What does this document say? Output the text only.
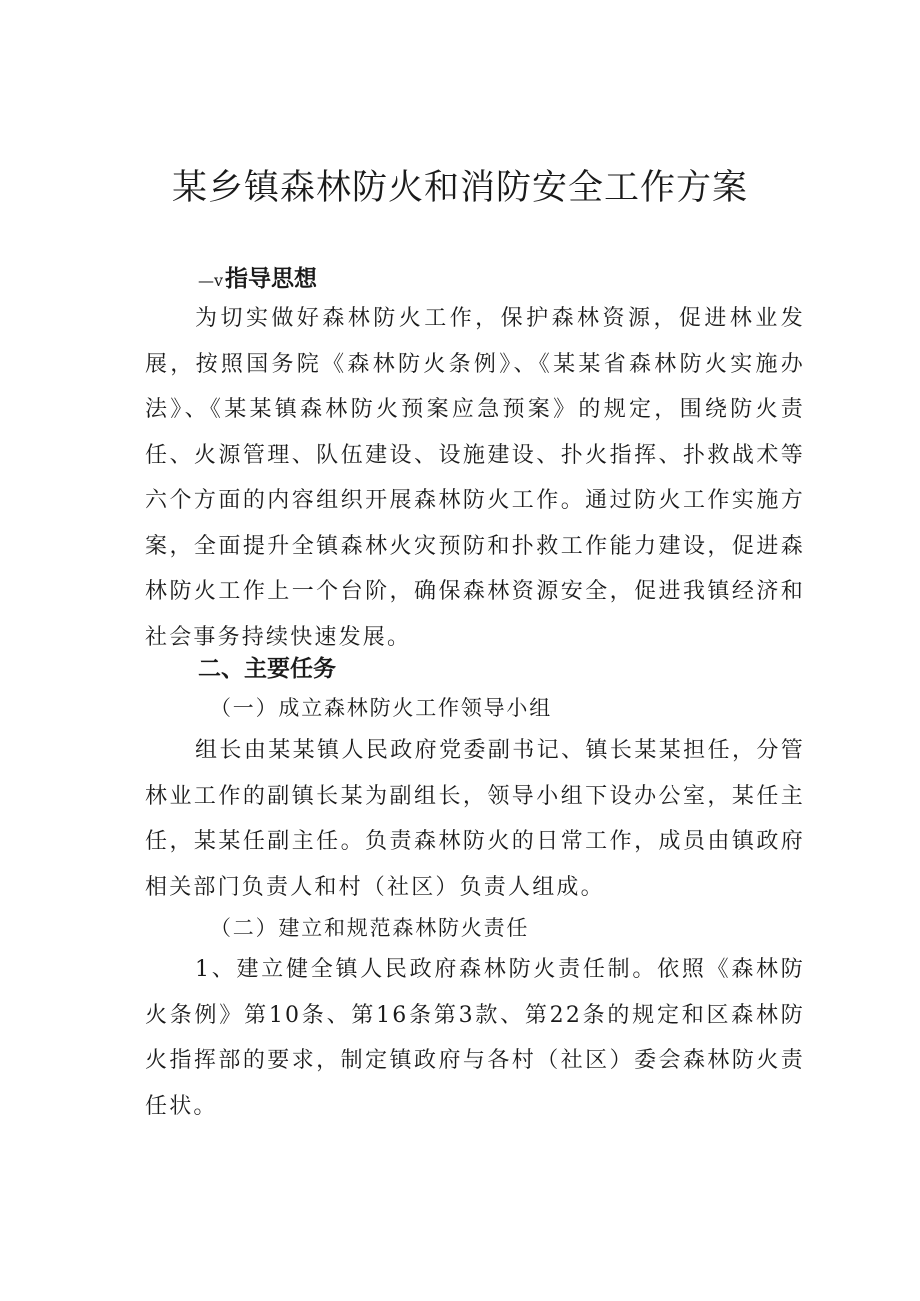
某乡镇森林防火和消防安全工作方案
—v指导思想

为切实做好森林防火工作，保护森林资源，促进林业发展，按照国务院《森林防火条例》、《某某省森林防火实施办法》、《某某镇森林防火预案应急预案》的规定，围绕防火责任、火源管理、队伍建设、设施建设、扑火指挥、扑救战术等六个方面的内容组织开展森林防火工作。通过防火工作实施方案，全面提升全镇森林火灾预防和扑救工作能力建设，促进森林防火工作上一个台阶，确保森林资源安全，促进我镇经济和社会事务持续快速发展。

二、主要任务

（一）成立森林防火工作领导小组

组长由某某镇人民政府党委副书记、镇长某某担任，分管林业工作的副镇长某为副组长，领导小组下设办公室，某任主任，某某任副主任。负责森林防火的日常工作，成员由镇政府相关部门负责人和村（社区）负责人组成。

（二）建立和规范森林防火责任

1、建立健全镇人民政府森林防火责任制。依照《森林防火条例》第10条、第16条第3款、第22条的规定和区森林防火指挥部的要求，制定镇政府与各村（社区）委会森林防火责任状。
